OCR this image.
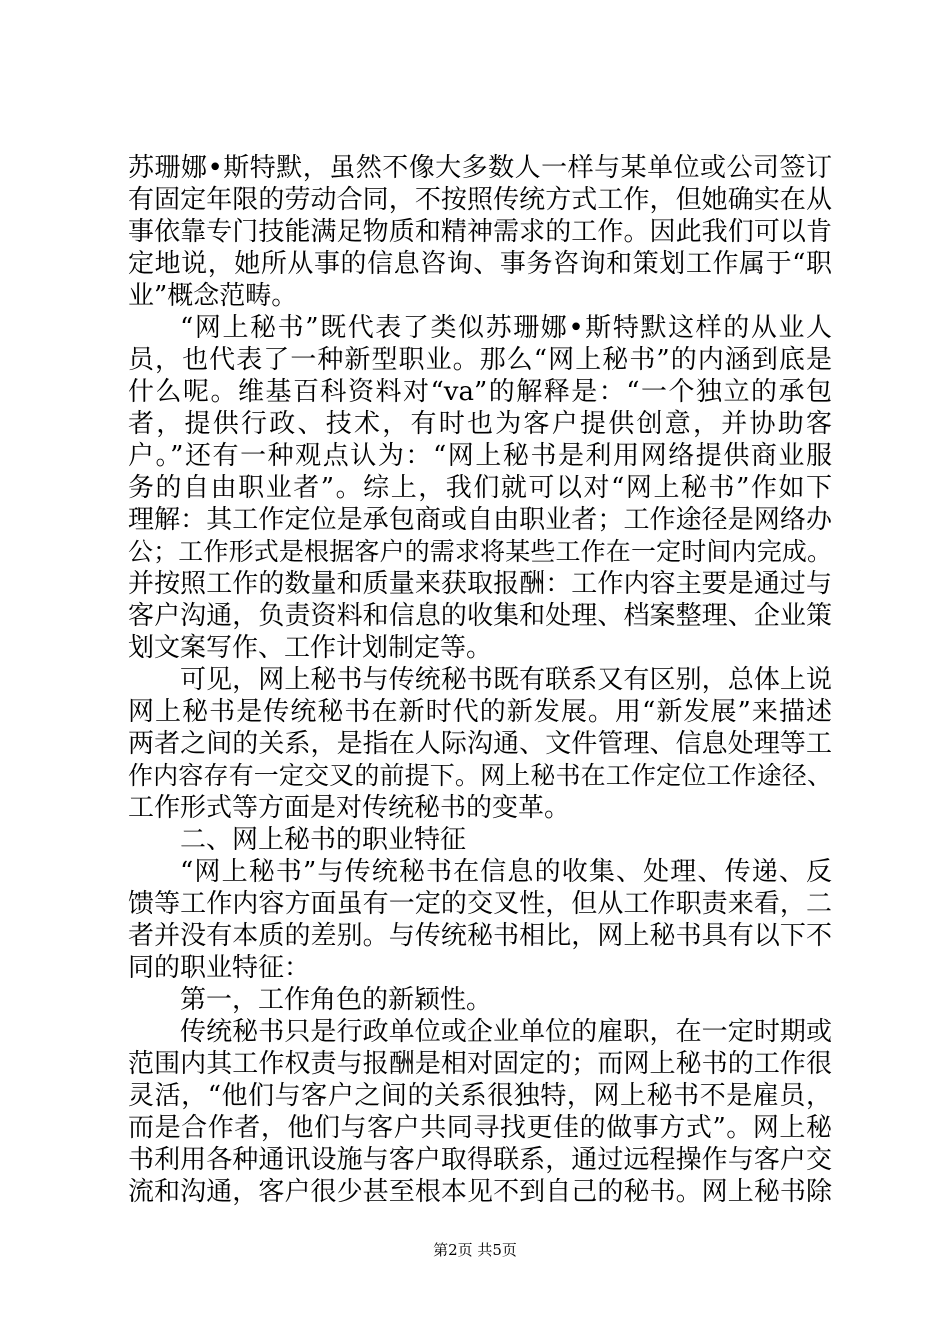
苏珊娜•斯特默，虽然不像大多数人一样与某单位或公司签订
有固定年限的劳动合同，不按照传统方式工作，但她确实在从
事依靠专门技能满足物质和精神需求的工作。因此我们可以肯
定地说，她所从事的信息咨询、事务咨询和策划工作属于“职
业”概念范畴。
“网上秘书”既代表了类似苏珊娜•斯特默这样的从业人
员，也代表了一种新型职业。那么“网上秘书”的内涵到底是
什么呢。维基百科资料对“va”的解释是：“一个独立的承包
者，提供行政、技术，有时也为客户提供创意，并协助客
户。”还有一种观点认为：“网上秘书是利用网络提供商业服
务的自由职业者”。综上，我们就可以对“网上秘书”作如下
理解：其工作定位是承包商或自由职业者；工作途径是网络办
公；工作形式是根据客户的需求将某些工作在一定时间内完成。
并按照工作的数量和质量来获取报酬：工作内容主要是通过与
客户沟通，负责资料和信息的收集和处理、档案整理、企业策
划文案写作、工作计划制定等。
可见，网上秘书与传统秘书既有联系又有区别，总体上说
网上秘书是传统秘书在新时代的新发展。用“新发展”来描述
两者之间的关系，是指在人际沟通、文件管理、信息处理等工
作内容存有一定交叉的前提下。网上秘书在工作定位工作途径、
工作形式等方面是对传统秘书的变革。
二、网上秘书的职业特征
“网上秘书”与传统秘书在信息的收集、处理、传递、反
馈等工作内容方面虽有一定的交叉性，但从工作职责来看，二
者并没有本质的差别。与传统秘书相比，网上秘书具有以下不
同的职业特征：
第一，工作角色的新颖性。
传统秘书只是行政单位或企业单位的雇职，在一定时期或
范围内其工作权责与报酬是相对固定的；而网上秘书的工作很
灵活，“他们与客户之间的关系很独特，网上秘书不是雇员，
而是合作者，他们与客户共同寻找更佳的做事方式”。网上秘
书利用各种通讯设施与客户取得联系，通过远程操作与客户交
流和沟通，客户很少甚至根本见不到自己的秘书。网上秘书除
第2页 共5页
